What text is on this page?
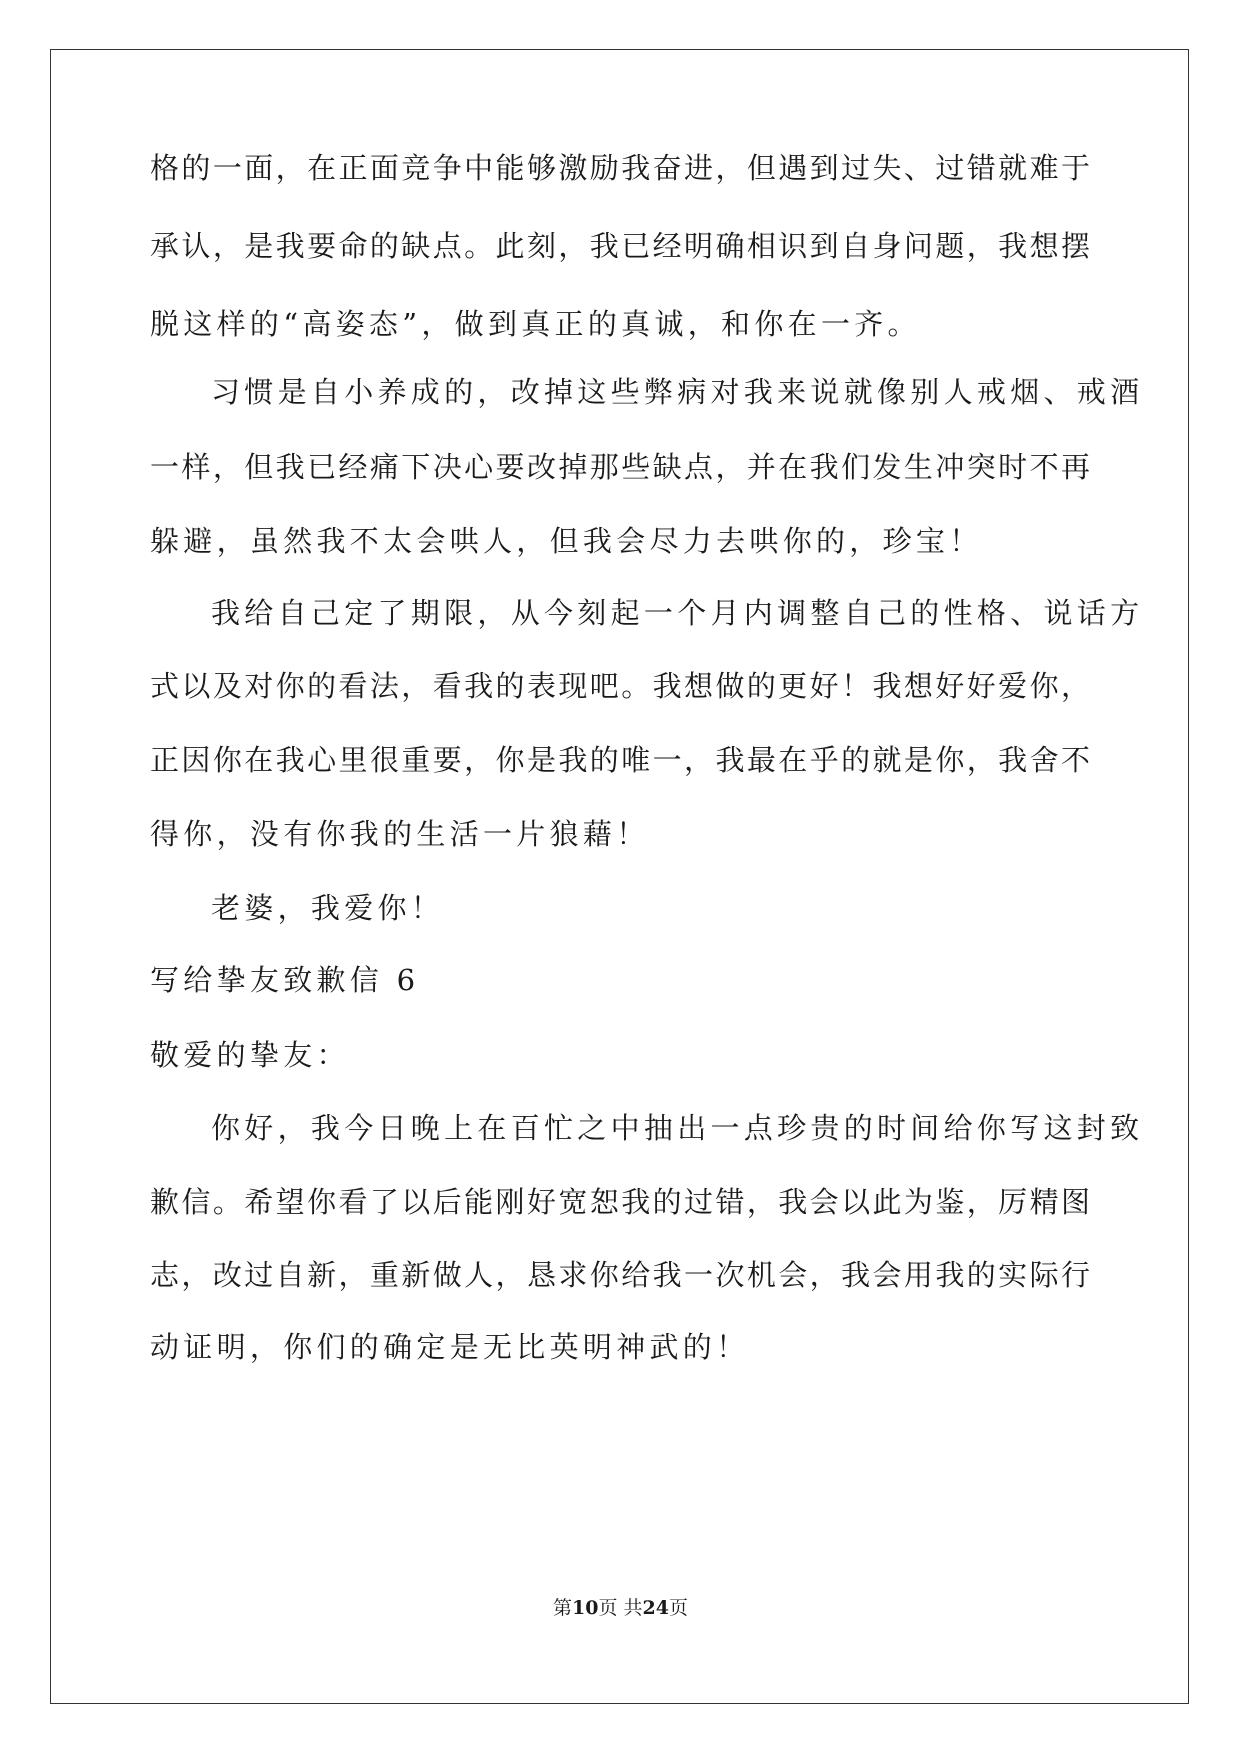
格的一面，在正面竞争中能够激励我奋进，但遇到过失、过错就难于
承认，是我要命的缺点。此刻，我已经明确相识到自身问题，我想摆
脱这样的“高姿态”，做到真正的真诚，和你在一齐。
习惯是自小养成的，改掉这些弊病对我来说就像别人戒烟、戒酒
一样，但我已经痛下决心要改掉那些缺点，并在我们发生冲突时不再
躲避，虽然我不太会哄人，但我会尽力去哄你的，珍宝！
我给自己定了期限，从今刻起一个月内调整自己的性格、说话方
式以及对你的看法，看我的表现吧。我想做的更好！我想好好爱你，
正因你在我心里很重要，你是我的唯一，我最在乎的就是你，我舍不
得你，没有你我的生活一片狼藉！
老婆，我爱你！
写给挚友致歉信 6
敬爱的挚友：
你好，我今日晚上在百忙之中抽出一点珍贵的时间给你写这封致
歉信。希望你看了以后能刚好宽恕我的过错，我会以此为鉴，厉精图
志，改过自新，重新做人，恳求你给我一次机会，我会用我的实际行
动证明，你们的确定是无比英明神武的！
第10页 共24页
